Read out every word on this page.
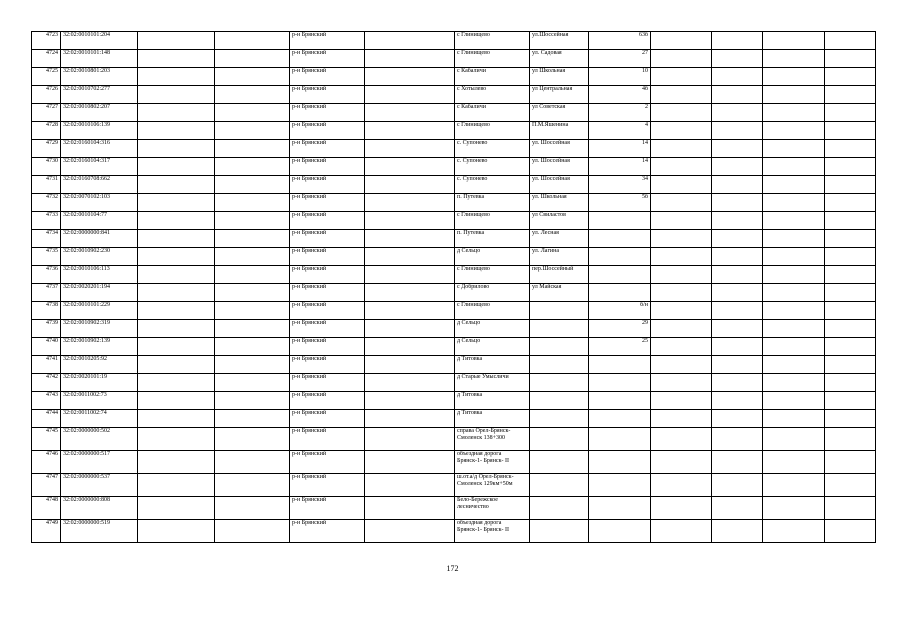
4723	32:02:0010101:204			р-н Брянский		с Глинищево	ул.Шоссейная	63б				
4724	32:02:0010101:148			р-н Брянский		с Глинищево	ул. Садовая	27				
4725	32:02:0010801:203			р-н Брянский		с Кабаличи	ул Школьная	10				
4726	32:02:0010702:277			р-н Брянский		с Хотылево	ул Центральная	4б				
4727	32:02:0010802:207			р-н Брянский		с Кабаличи	ул Советская	2				
4728	32:02:0010106:139			р-н Брянский		с Глинищево	П.М.Яшенина	4				
4729	32:02:0160104:316			р-н Брянский		с. Супонево	ул. Шоссейная	14				
4730	32:02:0160104:317			р-н Брянский		с. Супонево	ул. Шоссейная	14				
4731	32:02:0160708:662			р-н Брянский		с. Супонево	ул. Шоссейная	34				
4732	32:02:0070102:103			р-н Брянский		п. Путевка	ул. Школьная	5б				
4733	32:02:0010104:77			р-н Брянский		с Глинищево	ул Свиластов					
4734	32:02:0000000:841			р-н Брянский		п. Путевка	ул. Лесная					
4735	32:02:0010902:230			р-н Брянский		д Сельцо	ул. Лагина					
4736	32:02:0010106:113			р-н Брянский		с Глинищево	пер.Шоссейный					
4737	32:02:0020201:194			р-н Брянский		с Добрилово	ул Майская					
4738	32:02:0010101:229			р-н Брянский		с Глинищево		б/н				
4739	32:02:0010902:319			р-н Брянский		д Сельцо		29				
4740	32:02:0010902:139			р-н Брянский		д Сельцо		25				
4741	32:02:0010205:92			р-н Брянский		д Титовка						
4742	32:02:0020101:19			р-н Брянский		д Старые Умысличи						
4743	32:02:0011002:73			р-н Брянский		д Титовка						
4744	32:02:0011002:74			р-н Брянский		д Титовка						
4745	32:02:0000000:502			р-н Брянский		справа Орел-Брянск-Смоленск 138+300						
4746	32:02:0000000:517			р-н Брянский		объездная дорога Брянск-1- Брянск- II						
4747	32:02:0000000:537			р-н Брянский		ш.от.а/д Орел-Брянск-Смоленск 129км+50м						
4748	32:02:0000000:808			р-н Брянский		Бело-Бережское лесничество						
4749	32:02:0000000:519			р-н Брянский		объездная дорога Брянск-1- Брянск- II						
172
